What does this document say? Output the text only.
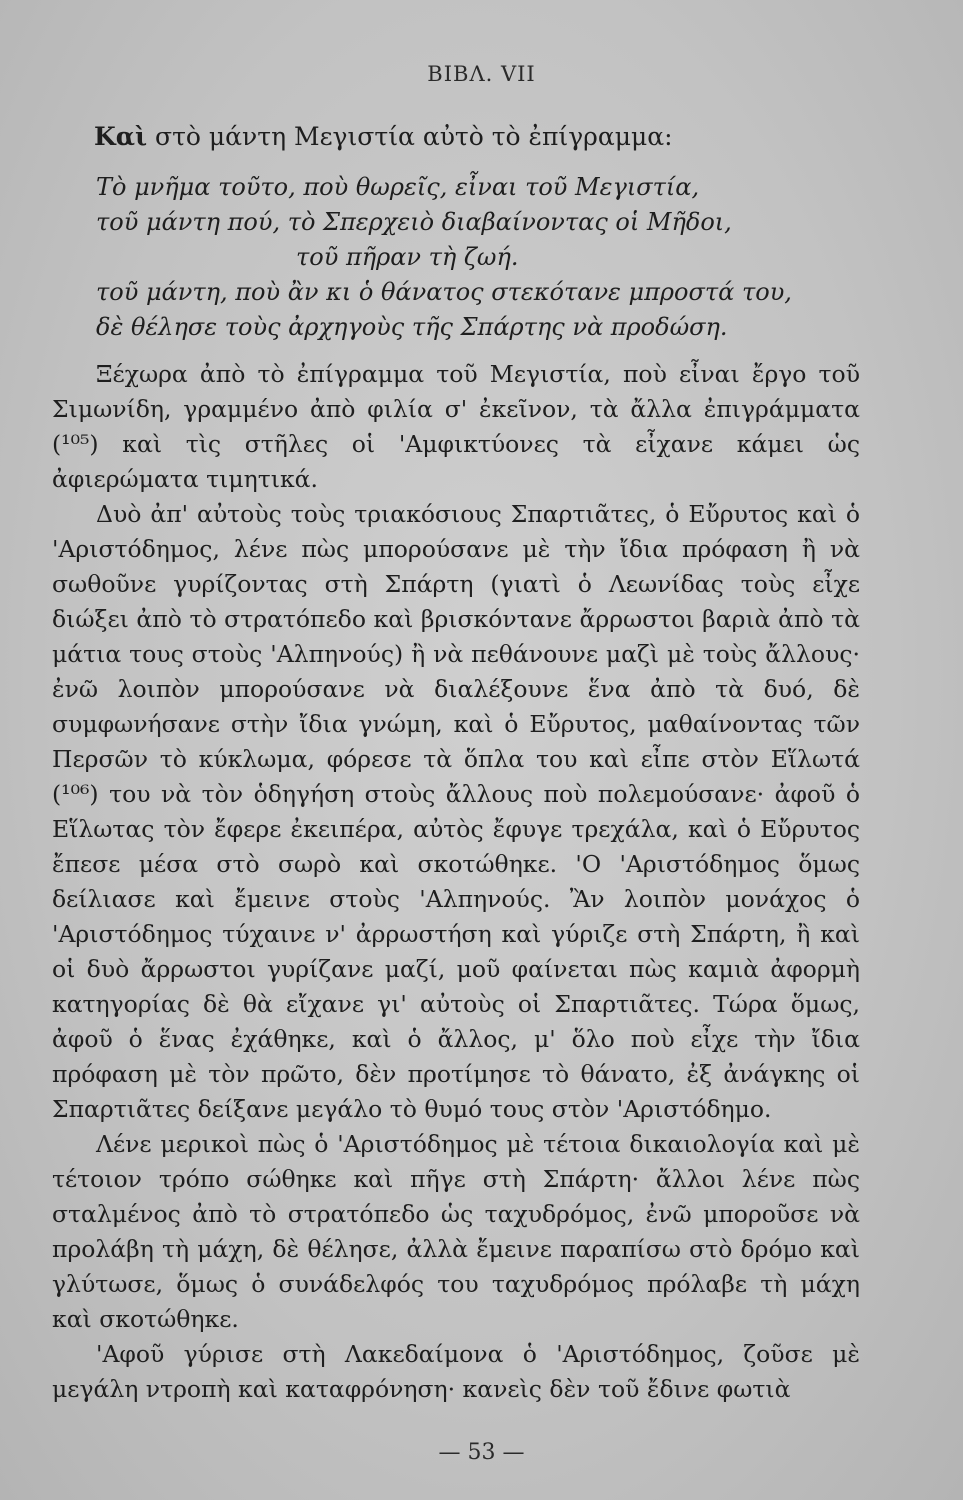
BIBΛ. VII

Καὶ στὸ μάντη Μεγιστία αὐτὸ τὸ ἐπίγραμμα:

Τὸ μνῆμα τοῦτο, ποὺ θωρεῖς, εἶναι τοῦ Μεγιστία,
τοῦ μάντη πού, τὸ Σπερχειὸ διαβαίνοντας οἱ Μῆδοι,
τοῦ πῆραν τὴ ζωή.
τοῦ μάντη, ποὺ ἂν κι ὁ θάνατος στεκότανε μπροστά του,
δὲ θέλησε τοὺς ἀρχηγοὺς τῆς Σπάρτης νὰ προδώση.

Ξέχωρα ἀπὸ τὸ ἐπίγραμμα τοῦ Μεγιστία, ποὺ εἶναι ἔργο τοῦ Σιμωνίδη, γραμμένο ἀπὸ φιλία σ' ἐκεῖνον, τὰ ἄλλα ἐπιγράμματα (¹⁰⁵) καὶ τὶς στῆλες οἱ 'Αμφικτύονες τὰ εἶχανε κάμει ὡς ἀφιερώματα τιμητικά.

Δυὸ ἀπ' αὐτοὺς τοὺς τριακόσιους Σπαρτιᾶτες, ὁ Εὔρυτος καὶ ὁ 'Αριστόδημος, λένε πὼς μπορούσανε μὲ τὴν ἴδια πρόφαση ἢ νὰ σωθοῦνε γυρίζοντας στὴ Σπάρτη (γιατὶ ὁ Λεωνίδας τοὺς εἶχε διώξει ἀπὸ τὸ στρατόπεδο καὶ βρισκόντανε ἄρρωστοι βαριὰ ἀπὸ τὰ μάτια τους στοὺς 'Αλπηνούς) ἢ νὰ πεθάνουνε μαζὶ μὲ τοὺς ἄλλους· ἐνῶ λοιπὸν μπορούσανε νὰ διαλέξουνε ἕνα ἀπὸ τὰ δυό, δὲ συμφωνήσανε στὴν ἴδια γνώμη, καὶ ὁ Εὔρυτος, μαθαίνοντας τῶν Περσῶν τὸ κύκλωμα, φόρεσε τὰ ὅπλα του καὶ εἶπε στὸν Εἵλωτά (¹⁰⁶) του νὰ τὸν ὁδηγήση στοὺς ἄλλους ποὺ πολεμούσανε· ἀφοῦ ὁ Εἵλωτας τὸν ἔφερε ἐκειπέρα, αὐτὸς ἔφυγε τρεχάλα, καὶ ὁ Εὔρυτος ἔπεσε μέσα στὸ σωρὸ καὶ σκοτώθηκε. 'Ο 'Αριστόδημος ὅμως δείλιασε καὶ ἔμεινε στοὺς 'Αλπηνούς. Ἂν λοιπὸν μονάχος ὁ 'Αριστόδημος τύχαινε ν' ἀρρωστήση καὶ γύριζε στὴ Σπάρτη, ἢ καὶ οἱ δυὸ ἄρρωστοι γυρίζανε μαζί, μοῦ φαίνεται πὼς καμιὰ ἀφορμὴ κατηγορίας δὲ θὰ εἴχανε γι' αὐτοὺς οἱ Σπαρτιᾶτες. Τώρα ὅμως, ἀφοῦ ὁ ἕνας ἐχάθηκε, καὶ ὁ ἄλλος, μ' ὅλο ποὺ εἶχε τὴν ἴδια πρόφαση μὲ τὸν πρῶτο, δὲν προτίμησε τὸ θάνατο, ἐξ ἀνάγκης οἱ Σπαρτιᾶτες δείξανε μεγάλο τὸ θυμό τους στὸν 'Αριστόδημο.

Λένε μερικοὶ πὼς ὁ 'Αριστόδημος μὲ τέτοια δικαιολογία καὶ μὲ τέτοιον τρόπο σώθηκε καὶ πῆγε στὴ Σπάρτη· ἄλλοι λένε πὼς σταλμένος ἀπὸ τὸ στρατόπεδο ὡς ταχυδρόμος, ἐνῶ μποροῦσε νὰ προλάβη τὴ μάχη, δὲ θέλησε, ἀλλὰ ἔμεινε παραπίσω στὸ δρόμο καὶ γλύτωσε, ὅμως ὁ συνάδελφός του ταχυδρόμος πρόλαβε τὴ μάχη καὶ σκοτώθηκε.

'Αφοῦ γύρισε στὴ Λακεδαίμονα ὁ 'Αριστόδημος, ζοῦσε μὲ μεγάλη ντροπὴ καὶ καταφρόνηση· κανεὶς δὲν τοῦ ἔδινε φωτιὰ

— 53 —
